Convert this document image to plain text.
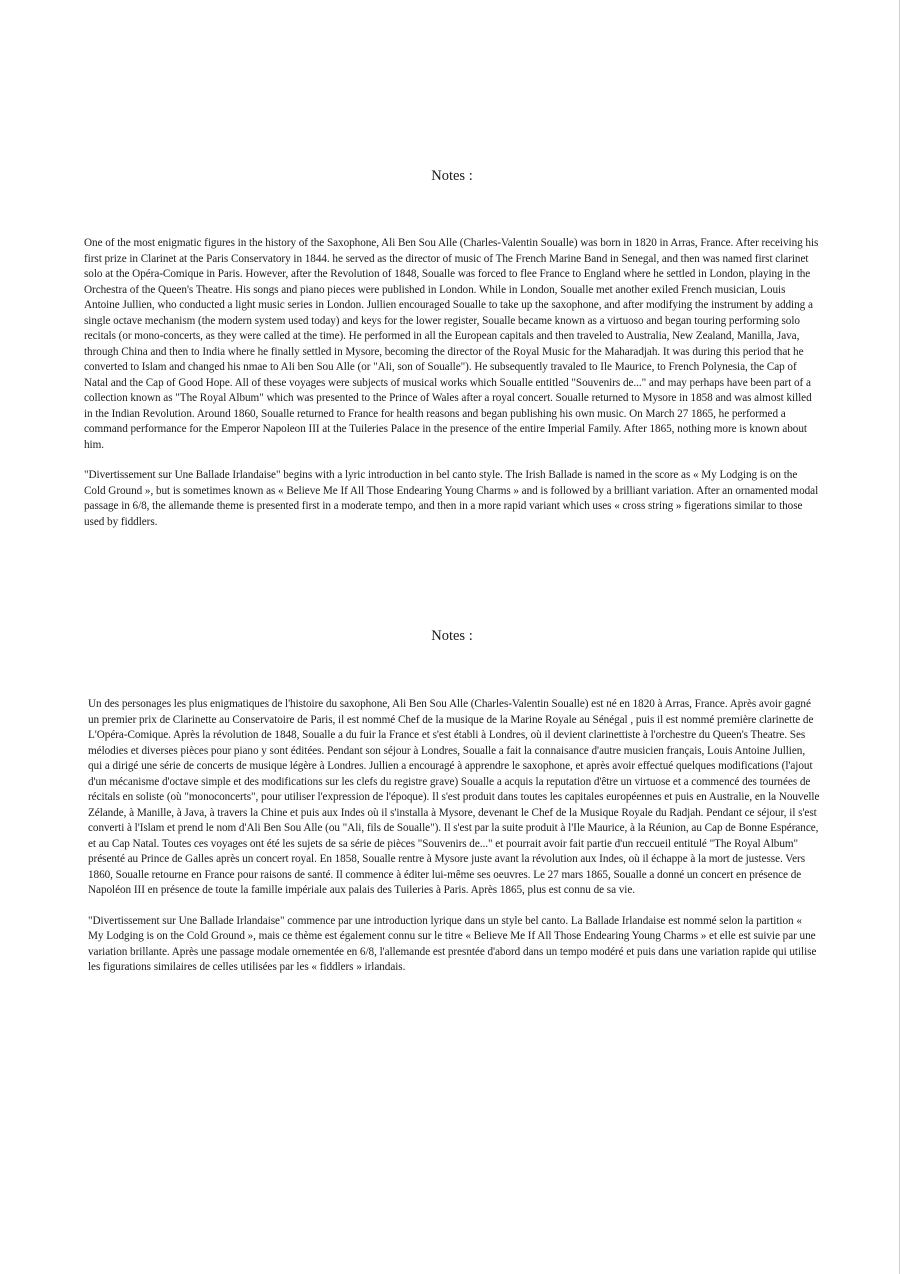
Notes :

One of the most enigmatic figures in the history of the Saxophone, Ali Ben Sou Alle (Charles-Valentin Soualle) was born in 1820 in Arras, France. After receiving his first prize in Clarinet at the Paris Conservatory in 1844. he served as the director of music of The French Marine Band in Senegal, and then was named first clarinet solo at the Opéra-Comique in Paris. However, after the Revolution of 1848, Soualle was forced to flee France to England where he settled in London, playing in the Orchestra of the Queen's Theatre. His songs and piano pieces were published in London. While in London, Soualle met another exiled French musician, Louis Antoine Jullien, who conducted a light music series in London. Jullien encouraged Soualle to take up the saxophone, and after modifying the instrument by adding a single octave mechanism (the modern system used today) and keys for the lower register, Soualle became known as a virtuoso and began touring performing solo recitals (or mono-concerts, as they were called at the time). He performed in all the European capitals and then traveled to Australia, New Zealand, Manilla, Java, through China and then to India where he finally settled in Mysore, becoming the director of the Royal Music for the Maharadjah. It was during this period that he converted to Islam and changed his nmae to Ali ben Sou Alle (or "Ali, son of Soualle"). He subsequently travaled to Ile Maurice, to French Polynesia, the Cap of Natal and the Cap of Good Hope. All of these voyages were subjects of musical works which Soualle entitled "Souvenirs de..." and may perhaps have been part of a collection known as "The Royal Album" which was presented to the Prince of Wales after a royal concert. Soualle returned to Mysore in 1858 and was almost killed in the Indian Revolution. Around 1860, Soualle returned to France for health reasons and began publishing his own music. On March 27 1865, he performed a command performance for the Emperor Napoleon III at the Tuileries Palace in the presence of the entire Imperial Family. After 1865, nothing more is known about him.

"Divertissement sur Une Ballade Irlandaise" begins with a lyric introduction in bel canto style. The Irish Ballade is named in the score as « My Lodging is on the Cold Ground », but is sometimes known as « Believe Me If All Those Endearing Young Charms » and is followed by a brilliant variation. After an ornamented modal passage in 6/8, the allemande theme is presented first in a moderate tempo, and then in a more rapid variant which uses « cross string » figerations similar to those used by fiddlers.

Notes :

Un des personages les plus enigmatiques de l'histoire du saxophone, Ali Ben Sou Alle (Charles-Valentin Soualle) est né en 1820 à Arras, France. Après avoir gagné un premier prix de Clarinette au Conservatoire de Paris, il est nommé Chef de la musique de la Marine Royale au Sénégal , puis il est nommé première clarinette de L'Opéra-Comique. Après la révolution de 1848, Soualle a du fuir la France et s'est établi à Londres, où il devient clarinettiste à l'orchestre du Queen's Theatre. Ses mélodies et diverses pièces pour piano y sont éditées. Pendant son séjour à Londres, Soualle a fait la connaisance d'autre musicien français, Louis Antoine Jullien, qui a dirigé une série de concerts de musique légère à Londres. Jullien a encouragé à apprendre le saxophone, et après avoir effectué quelques modifications (l'ajout d'un mécanisme d'octave simple et des modifications sur les clefs du registre grave) Soualle a acquis la reputation d'être un virtuose et a commencé des tournées de récitals en soliste (où "monoconcerts", pour utiliser l'expression de l'époque). Il s'est produit dans toutes les capitales européennes et puis en Australie, en la Nouvelle Zélande, à Manille, à Java, à travers la Chine et puis aux Indes où il s'installa à Mysore, devenant le Chef de la Musique Royale du Radjah. Pendant ce séjour, il s'est converti à l'Islam et prend le nom d'Ali Ben Sou Alle (ou "Ali, fils de Soualle"). Il s'est par la suite produit à l'Ile Maurice, à la Réunion, au Cap de Bonne Espérance, et au Cap Natal. Toutes ces voyages ont été les sujets de sa série de pièces "Souvenirs de..." et pourrait avoir fait partie d'un reccueil entitulé "The Royal Album" présenté au Prince de Galles après un concert royal. En 1858, Soualle rentre à Mysore juste avant la révolution aux Indes, où il échappe à la mort de justesse. Vers 1860, Soualle retourne en France pour raisons de santé. Il commence à éditer lui-même ses oeuvres. Le 27 mars 1865, Soualle a donné un concert en présence de Napoléon III en présence de toute la famille impériale aux palais des Tuileries à Paris. Après 1865, plus est connu de sa vie.

"Divertissement sur Une Ballade Irlandaise" commence par une introduction lyrique dans un style bel canto. La Ballade Irlandaise est nommé selon la partition « My Lodging is on the Cold Ground », mais ce thème est également connu sur le titre « Believe Me If All Those Endearing Young Charms » et elle est suivie par une variation brillante. Après une passage modale ornementée en 6/8, l'allemande est presntée d'abord dans un tempo modéré et puis dans une variation rapide qui utilise les figurations similaires de celles utilisées par les « fiddlers » irlandais.
